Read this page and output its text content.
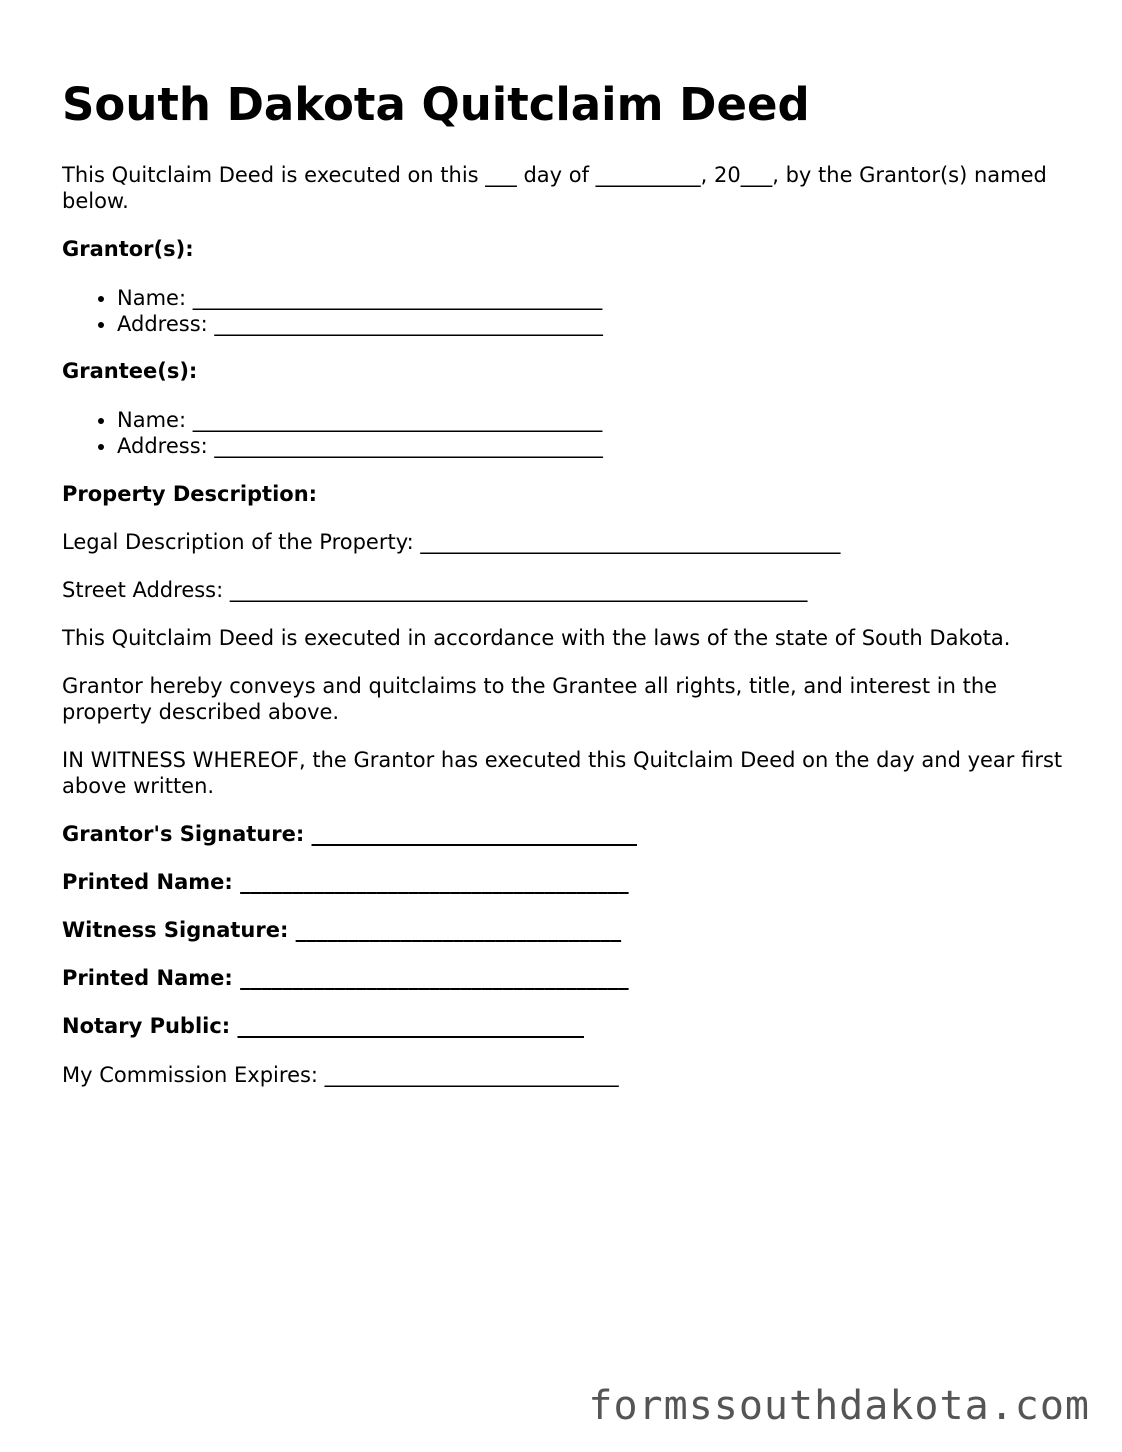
South Dakota Quitclaim Deed

This Quitclaim Deed is executed on this ___ day of __________, 20___, by the Grantor(s) named below.

Grantor(s):

• Name: _______________________________________
• Address: _____________________________________

Grantee(s):

• Name: _______________________________________
• Address: _____________________________________

Property Description:

Legal Description of the Property: ________________________________________

Street Address: _______________________________________________________

This Quitclaim Deed is executed in accordance with the laws of the state of South Dakota.

Grantor hereby conveys and quitclaims to the Grantee all rights, title, and interest in the property described above.

IN WITNESS WHEREOF, the Grantor has executed this Quitclaim Deed on the day and year first above written.

Grantor's Signature: _______________________________

Printed Name: _____________________________________

Witness Signature: _______________________________

Printed Name: _____________________________________

Notary Public: _________________________________

My Commission Expires: ____________________________

formssouthdakota.com
